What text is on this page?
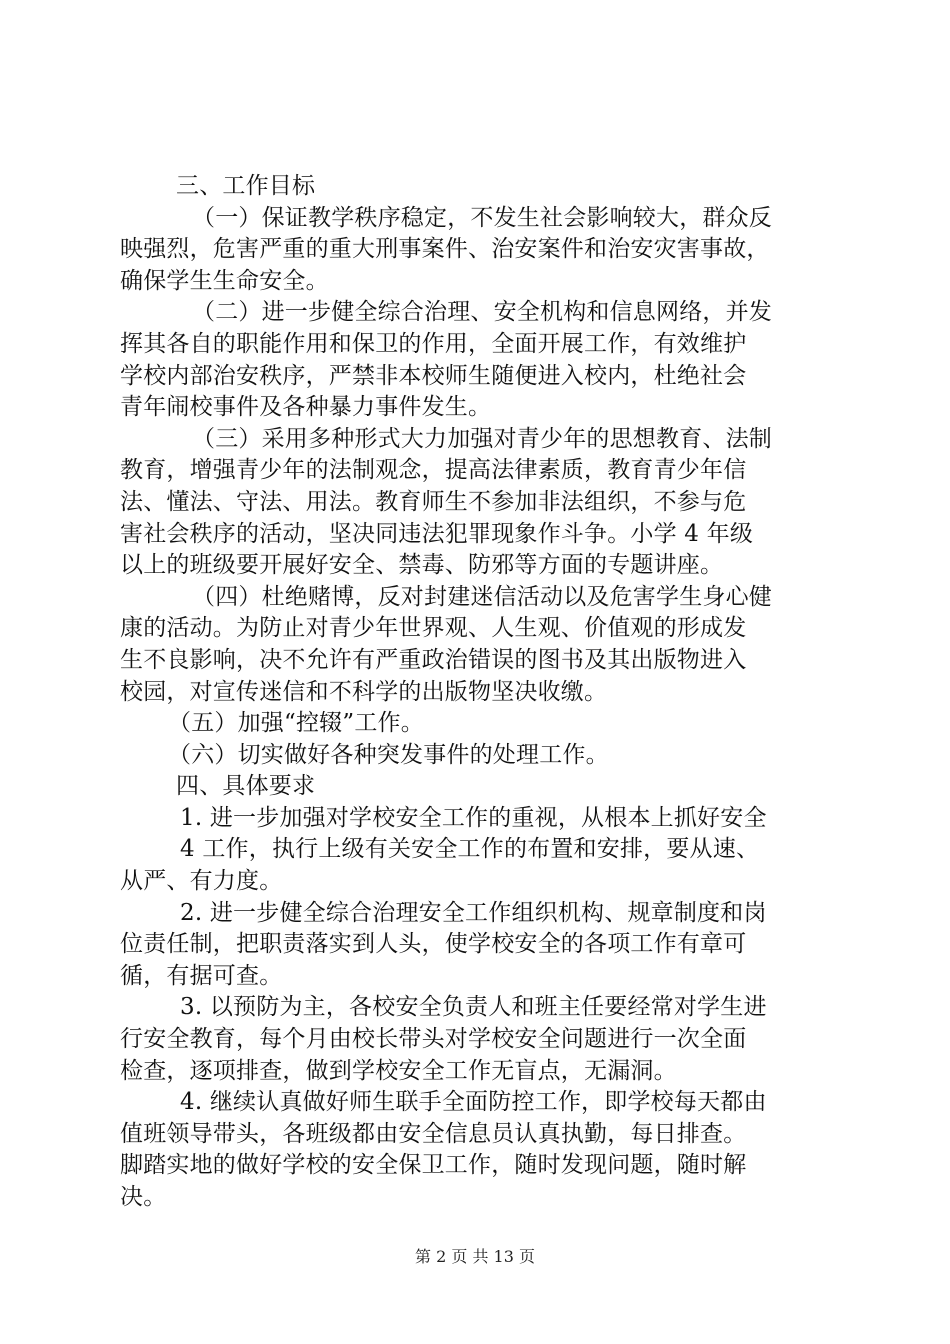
三、工作目标
（一）保证教学秩序稳定，不发生社会影响较大，群众反
映强烈，危害严重的重大刑事案件、治安案件和治安灾害事故，
确保学生生命安全。
（二）进一步健全综合治理、安全机构和信息网络，并发
挥其各自的职能作用和保卫的作用，全面开展工作，有效维护
学校内部治安秩序，严禁非本校师生随便进入校内，杜绝社会
青年闹校事件及各种暴力事件发生。
（三）采用多种形式大力加强对青少年的思想教育、法制
教育，增强青少年的法制观念，提高法律素质，教育青少年信
法、懂法、守法、用法。教育师生不参加非法组织，不参与危
害社会秩序的活动，坚决同违法犯罪现象作斗争。小学 4 年级
以上的班级要开展好安全、禁毒、防邪等方面的专题讲座。
（四）杜绝赌博，反对封建迷信活动以及危害学生身心健
康的活动。为防止对青少年世界观、人生观、价值观的形成发
生不良影响，决不允许有严重政治错误的图书及其出版物进入
校园，对宣传迷信和不科学的出版物坚决收缴。
（五）加强“控辍”工作。
（六）切实做好各种突发事件的处理工作。
四、具体要求
1. 进一步加强对学校安全工作的重视，从根本上抓好安全
4 工作，执行上级有关安全工作的布置和安排，要从速、
从严、有力度。
2. 进一步健全综合治理安全工作组织机构、规章制度和岗
位责任制，把职责落实到人头，使学校安全的各项工作有章可
循，有据可查。
3. 以预防为主，各校安全负责人和班主任要经常对学生进
行安全教育，每个月由校长带头对学校安全问题进行一次全面
检查，逐项排查，做到学校安全工作无盲点，无漏洞。
4. 继续认真做好师生联手全面防控工作，即学校每天都由
值班领导带头，各班级都由安全信息员认真执勤，每日排查。
脚踏实地的做好学校的安全保卫工作，随时发现问题，随时解
决。
第 2 页 共 13 页
